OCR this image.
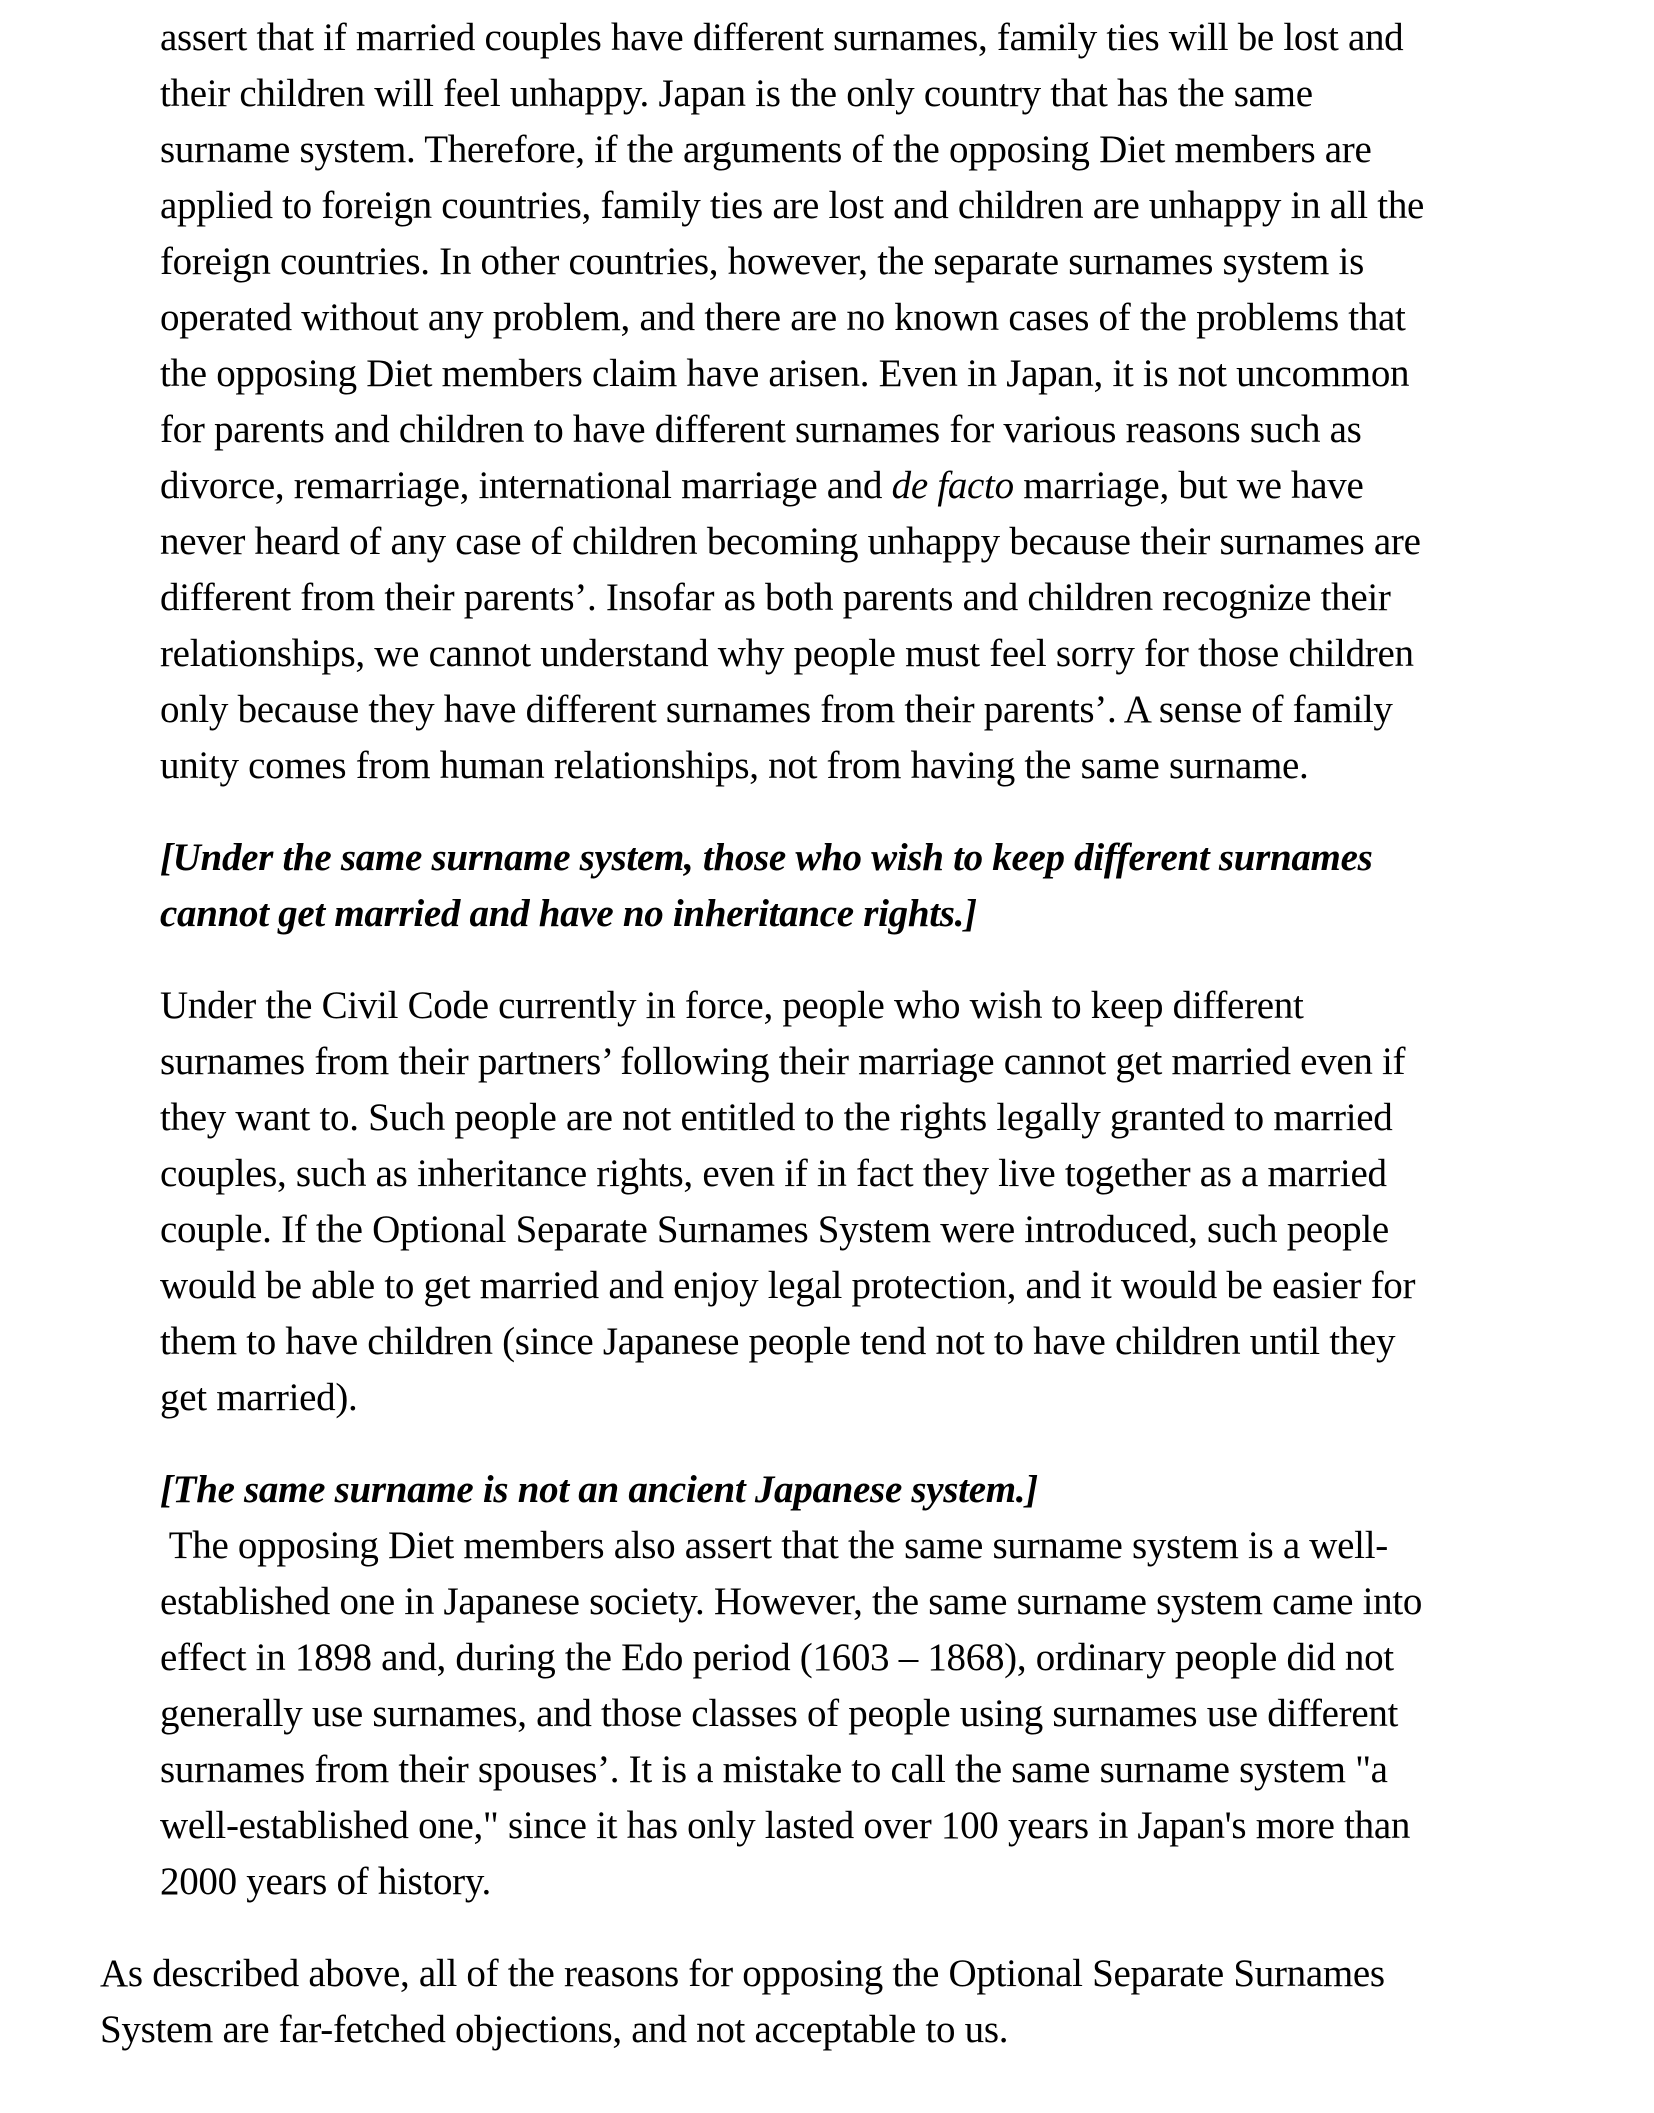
assert that if married couples have different surnames, family ties will be lost and
their children will feel unhappy. Japan is the only country that has the same
surname system. Therefore, if the arguments of the opposing Diet members are
applied to foreign countries, family ties are lost and children are unhappy in all the
foreign countries. In other countries, however, the separate surnames system is
operated without any problem, and there are no known cases of the problems that
the opposing Diet members claim have arisen. Even in Japan, it is not uncommon
for parents and children to have different surnames for various reasons such as
divorce, remarriage, international marriage and de facto marriage, but we have
never heard of any case of children becoming unhappy because their surnames are
different from their parents’. Insofar as both parents and children recognize their
relationships, we cannot understand why people must feel sorry for those children
only because they have different surnames from their parents’. A sense of family
unity comes from human relationships, not from having the same surname.
[Under the same surname system, those who wish to keep different surnames
cannot get married and have no inheritance rights.]
Under the Civil Code currently in force, people who wish to keep different
surnames from their partners’ following their marriage cannot get married even if
they want to. Such people are not entitled to the rights legally granted to married
couples, such as inheritance rights, even if in fact they live together as a married
couple. If the Optional Separate Surnames System were introduced, such people
would be able to get married and enjoy legal protection, and it would be easier for
them to have children (since Japanese people tend not to have children until they
get married).
[The same surname is not an ancient Japanese system.]
The opposing Diet members also assert that the same surname system is a well-
established one in Japanese society. However, the same surname system came into
effect in 1898 and, during the Edo period (1603 – 1868), ordinary people did not
generally use surnames, and those classes of people using surnames use different
surnames from their spouses’. It is a mistake to call the same surname system "a
well-established one," since it has only lasted over 100 years in Japan's more than
2000 years of history.
As described above, all of the reasons for opposing the Optional Separate Surnames
System are far-fetched objections, and not acceptable to us.
